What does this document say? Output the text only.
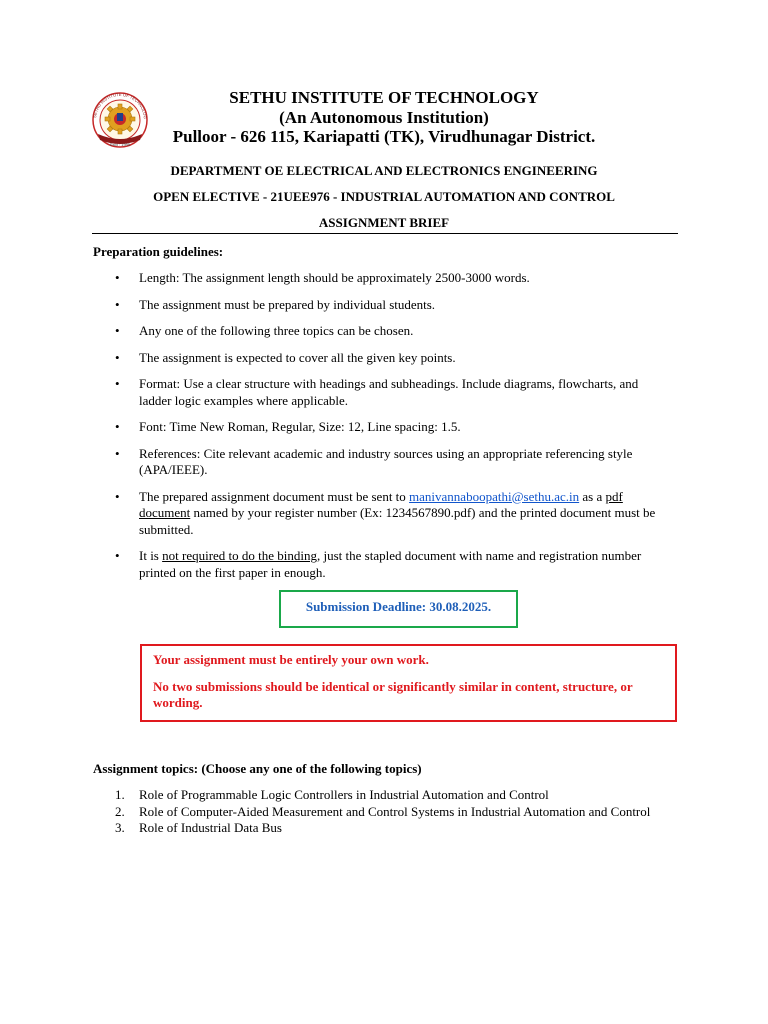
SETHU INSTITUTE OF TECHNOLOG
Estd : 1995
SETHU INSTITUTE OF TECHNOLOGY
(An Autonomous Institution)
Pulloor - 626 115, Kariapatti (TK), Virudhunagar District.
DEPARTMENT OE ELECTRICAL AND ELECTRONICS ENGINEERING
OPEN ELECTIVE - 21UEE976 - INDUSTRIAL AUTOMATION AND CONTROL
ASSIGNMENT BRIEF
Preparation guidelines:
• Length: The assignment length should be approximately 2500-3000 words.
• The assignment must be prepared by individual students.
• Any one of the following three topics can be chosen.
• The assignment is expected to cover all the given key points.
• Format: Use a clear structure with headings and subheadings. Include diagrams, flowcharts, and ladder logic examples where applicable.
• Font: Time New Roman, Regular, Size: 12, Line spacing: 1.5.
• References: Cite relevant academic and industry sources using an appropriate referencing style (APA/IEEE).
• The prepared assignment document must be sent to manivannaboopathi@sethu.ac.in as a pdf document named by your register number (Ex: 1234567890.pdf) and the printed document must be submitted.
• It is not required to do the binding, just the stapled document with name and registration number printed on the first paper in enough.
Submission Deadline: 30.08.2025.

Your assignment must be entirely your own work.

No two submissions should be identical or significantly similar in content, structure, or wording.

Assignment topics: (Choose any one of the following topics)
1. Role of Programmable Logic Controllers in Industrial Automation and Control
2. Role of Computer-Aided Measurement and Control Systems in Industrial Automation and Control
3. Role of Industrial Data Bus
